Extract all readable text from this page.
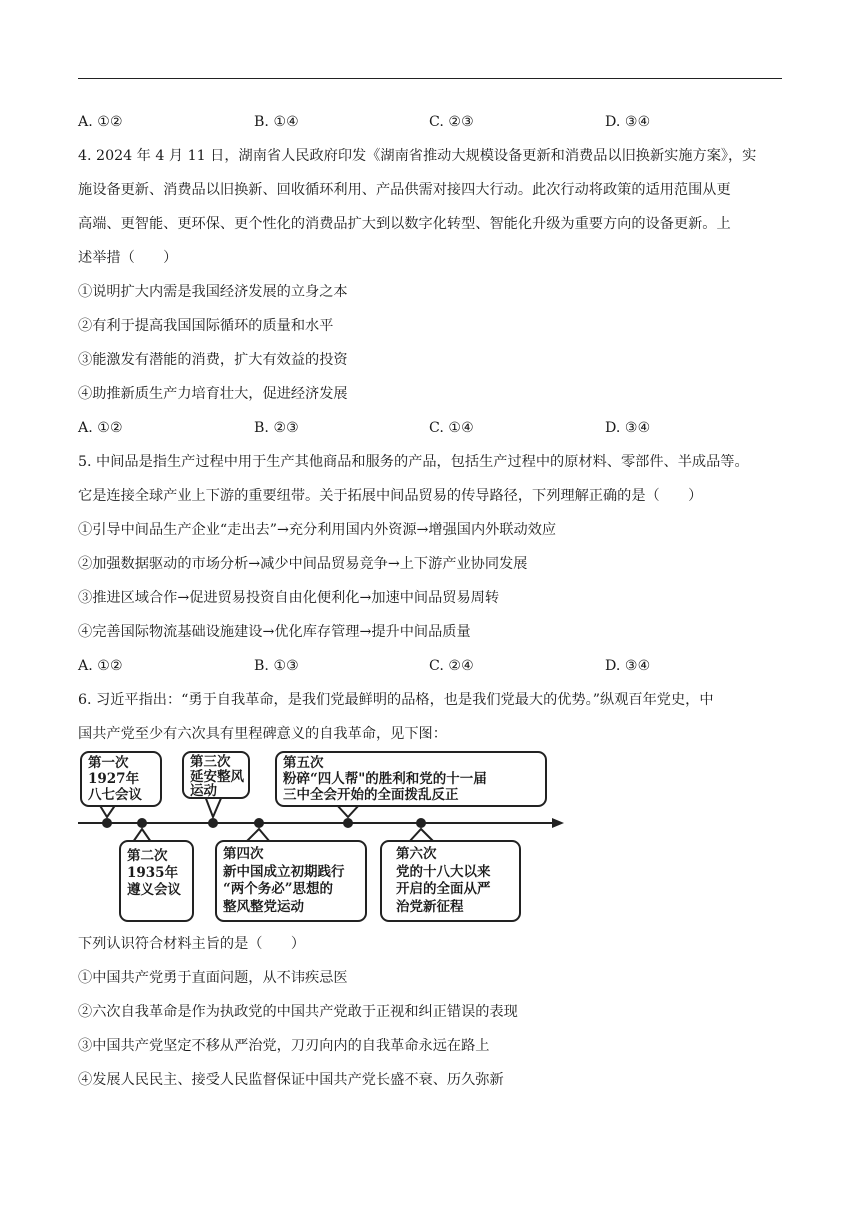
A. ①②	B. ①④	C. ②③	D. ③④
4. 2024 年 4 月 11 日，湖南省人民政府印发《湖南省推动大规模设备更新和消费品以旧换新实施方案》，实
施设备更新、消费品以旧换新、回收循环利用、产品供需对接四大行动。此次行动将政策的适用范围从更
高端、更智能、更环保、更个性化的消费品扩大到以数字化转型、智能化升级为重要方向的设备更新。上
述举措（　　）
①说明扩大内需是我国经济发展的立身之本
②有利于提高我国国际循环的质量和水平
③能激发有潜能的消费，扩大有效益的投资
④助推新质生产力培育壮大，促进经济发展
A. ①②	B. ②③	C. ①④	D. ③④
5. 中间品是指生产过程中用于生产其他商品和服务的产品，包括生产过程中的原材料、零部件、半成品等。
它是连接全球产业上下游的重要纽带。关于拓展中间品贸易的传导路径，下列理解正确的是（　　）
①引导中间品生产企业“走出去”→充分利用国内外资源→增强国内外联动效应
②加强数据驱动的市场分析→减少中间品贸易竞争→上下游产业协同发展
③推进区域合作→促进贸易投资自由化便利化→加速中间品贸易周转
④完善国际物流基础设施建设→优化库存管理→提升中间品质量
A. ①②	B. ①③	C. ②④	D. ③④
6. 习近平指出：“勇于自我革命，是我们党最鲜明的品格，也是我们党最大的优势。”纵观百年党史，中
国共产党至少有六次具有里程碑意义的自我革命，见下图：
第一次
1927年
八七会议
第二次
1935年
遵义会议
第三次
延安整风
运动
第四次
新中国成立初期践行
“两个务必”思想的
整风整党运动
第五次
粉碎“四人帮"的胜利和党的十一届
三中全会开始的全面拨乱反正
第六次
党的十八大以来
开启的全面从严
治党新征程
下列认识符合材料主旨的是（　　）
①中国共产党勇于直面问题，从不讳疾忌医
②六次自我革命是作为执政党的中国共产党敢于正视和纠正错误的表现
③中国共产党坚定不移从严治党，刀刃向内的自我革命永远在路上
④发展人民民主、接受人民监督保证中国共产党长盛不衰、历久弥新
